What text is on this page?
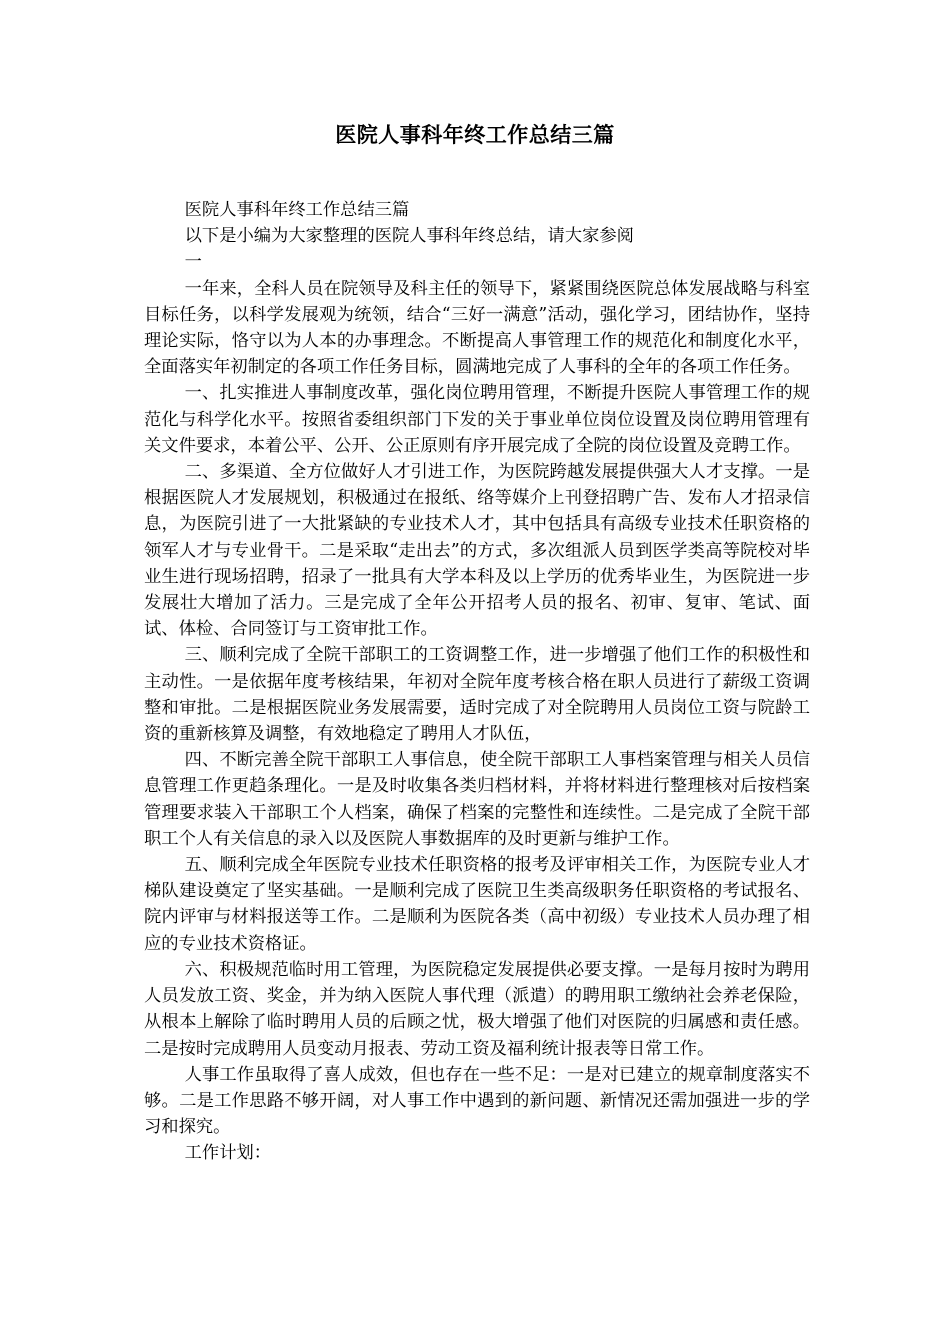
医院人事科年终工作总结三篇

医院人事科年终工作总结三篇

以下是小编为大家整理的医院人事科年终总结，请大家参阅

一

一年来，全科人员在院领导及科主任的领导下，紧紧围绕医院总体发展战略与科室目标任务，以科学发展观为统领，结合“三好一满意”活动，强化学习，团结协作，坚持理论实际，恪守以为人本的办事理念。不断提高人事管理工作的规范化和制度化水平，全面落实年初制定的各项工作任务目标，圆满地完成了人事科的全年的各项工作任务。

一、扎实推进人事制度改革，强化岗位聘用管理，不断提升医院人事管理工作的规范化与科学化水平。按照省委组织部门下发的关于事业单位岗位设置及岗位聘用管理有关文件要求，本着公平、公开、公正原则有序开展完成了全院的岗位设置及竞聘工作。

二、多渠道、全方位做好人才引进工作，为医院跨越发展提供强大人才支撑。一是根据医院人才发展规划，积极通过在报纸、络等媒介上刊登招聘广告、发布人才招录信息，为医院引进了一大批紧缺的专业技术人才，其中包括具有高级专业技术任职资格的领军人才与专业骨干。二是采取“走出去”的方式，多次组派人员到医学类高等院校对毕业生进行现场招聘，招录了一批具有大学本科及以上学历的优秀毕业生，为医院进一步发展壮大增加了活力。三是完成了全年公开招考人员的报名、初审、复审、笔试、面试、体检、合同签订与工资审批工作。

三、顺利完成了全院干部职工的工资调整工作，进一步增强了他们工作的积极性和主动性。一是依据年度考核结果，年初对全院年度考核合格在职人员进行了薪级工资调整和审批。二是根据医院业务发展需要，适时完成了对全院聘用人员岗位工资与院龄工资的重新核算及调整，有效地稳定了聘用人才队伍，

四、不断完善全院干部职工人事信息，使全院干部职工人事档案管理与相关人员信息管理工作更趋条理化。一是及时收集各类归档材料，并将材料进行整理核对后按档案管理要求装入干部职工个人档案，确保了档案的完整性和连续性。二是完成了全院干部职工个人有关信息的录入以及医院人事数据库的及时更新与维护工作。

五、顺利完成全年医院专业技术任职资格的报考及评审相关工作，为医院专业人才梯队建设奠定了坚实基础。一是顺利完成了医院卫生类高级职务任职资格的考试报名、院内评审与材料报送等工作。二是顺利为医院各类（高中初级）专业技术人员办理了相应的专业技术资格证。

六、积极规范临时用工管理，为医院稳定发展提供必要支撑。一是每月按时为聘用人员发放工资、奖金，并为纳入医院人事代理（派遣）的聘用职工缴纳社会养老保险，从根本上解除了临时聘用人员的后顾之忧，极大增强了他们对医院的归属感和责任感。二是按时完成聘用人员变动月报表、劳动工资及福利统计报表等日常工作。

人事工作虽取得了喜人成效，但也存在一些不足：一是对已建立的规章制度落实不够。二是工作思路不够开阔，对人事工作中遇到的新问题、新情况还需加强进一步的学习和探究。

工作计划：
